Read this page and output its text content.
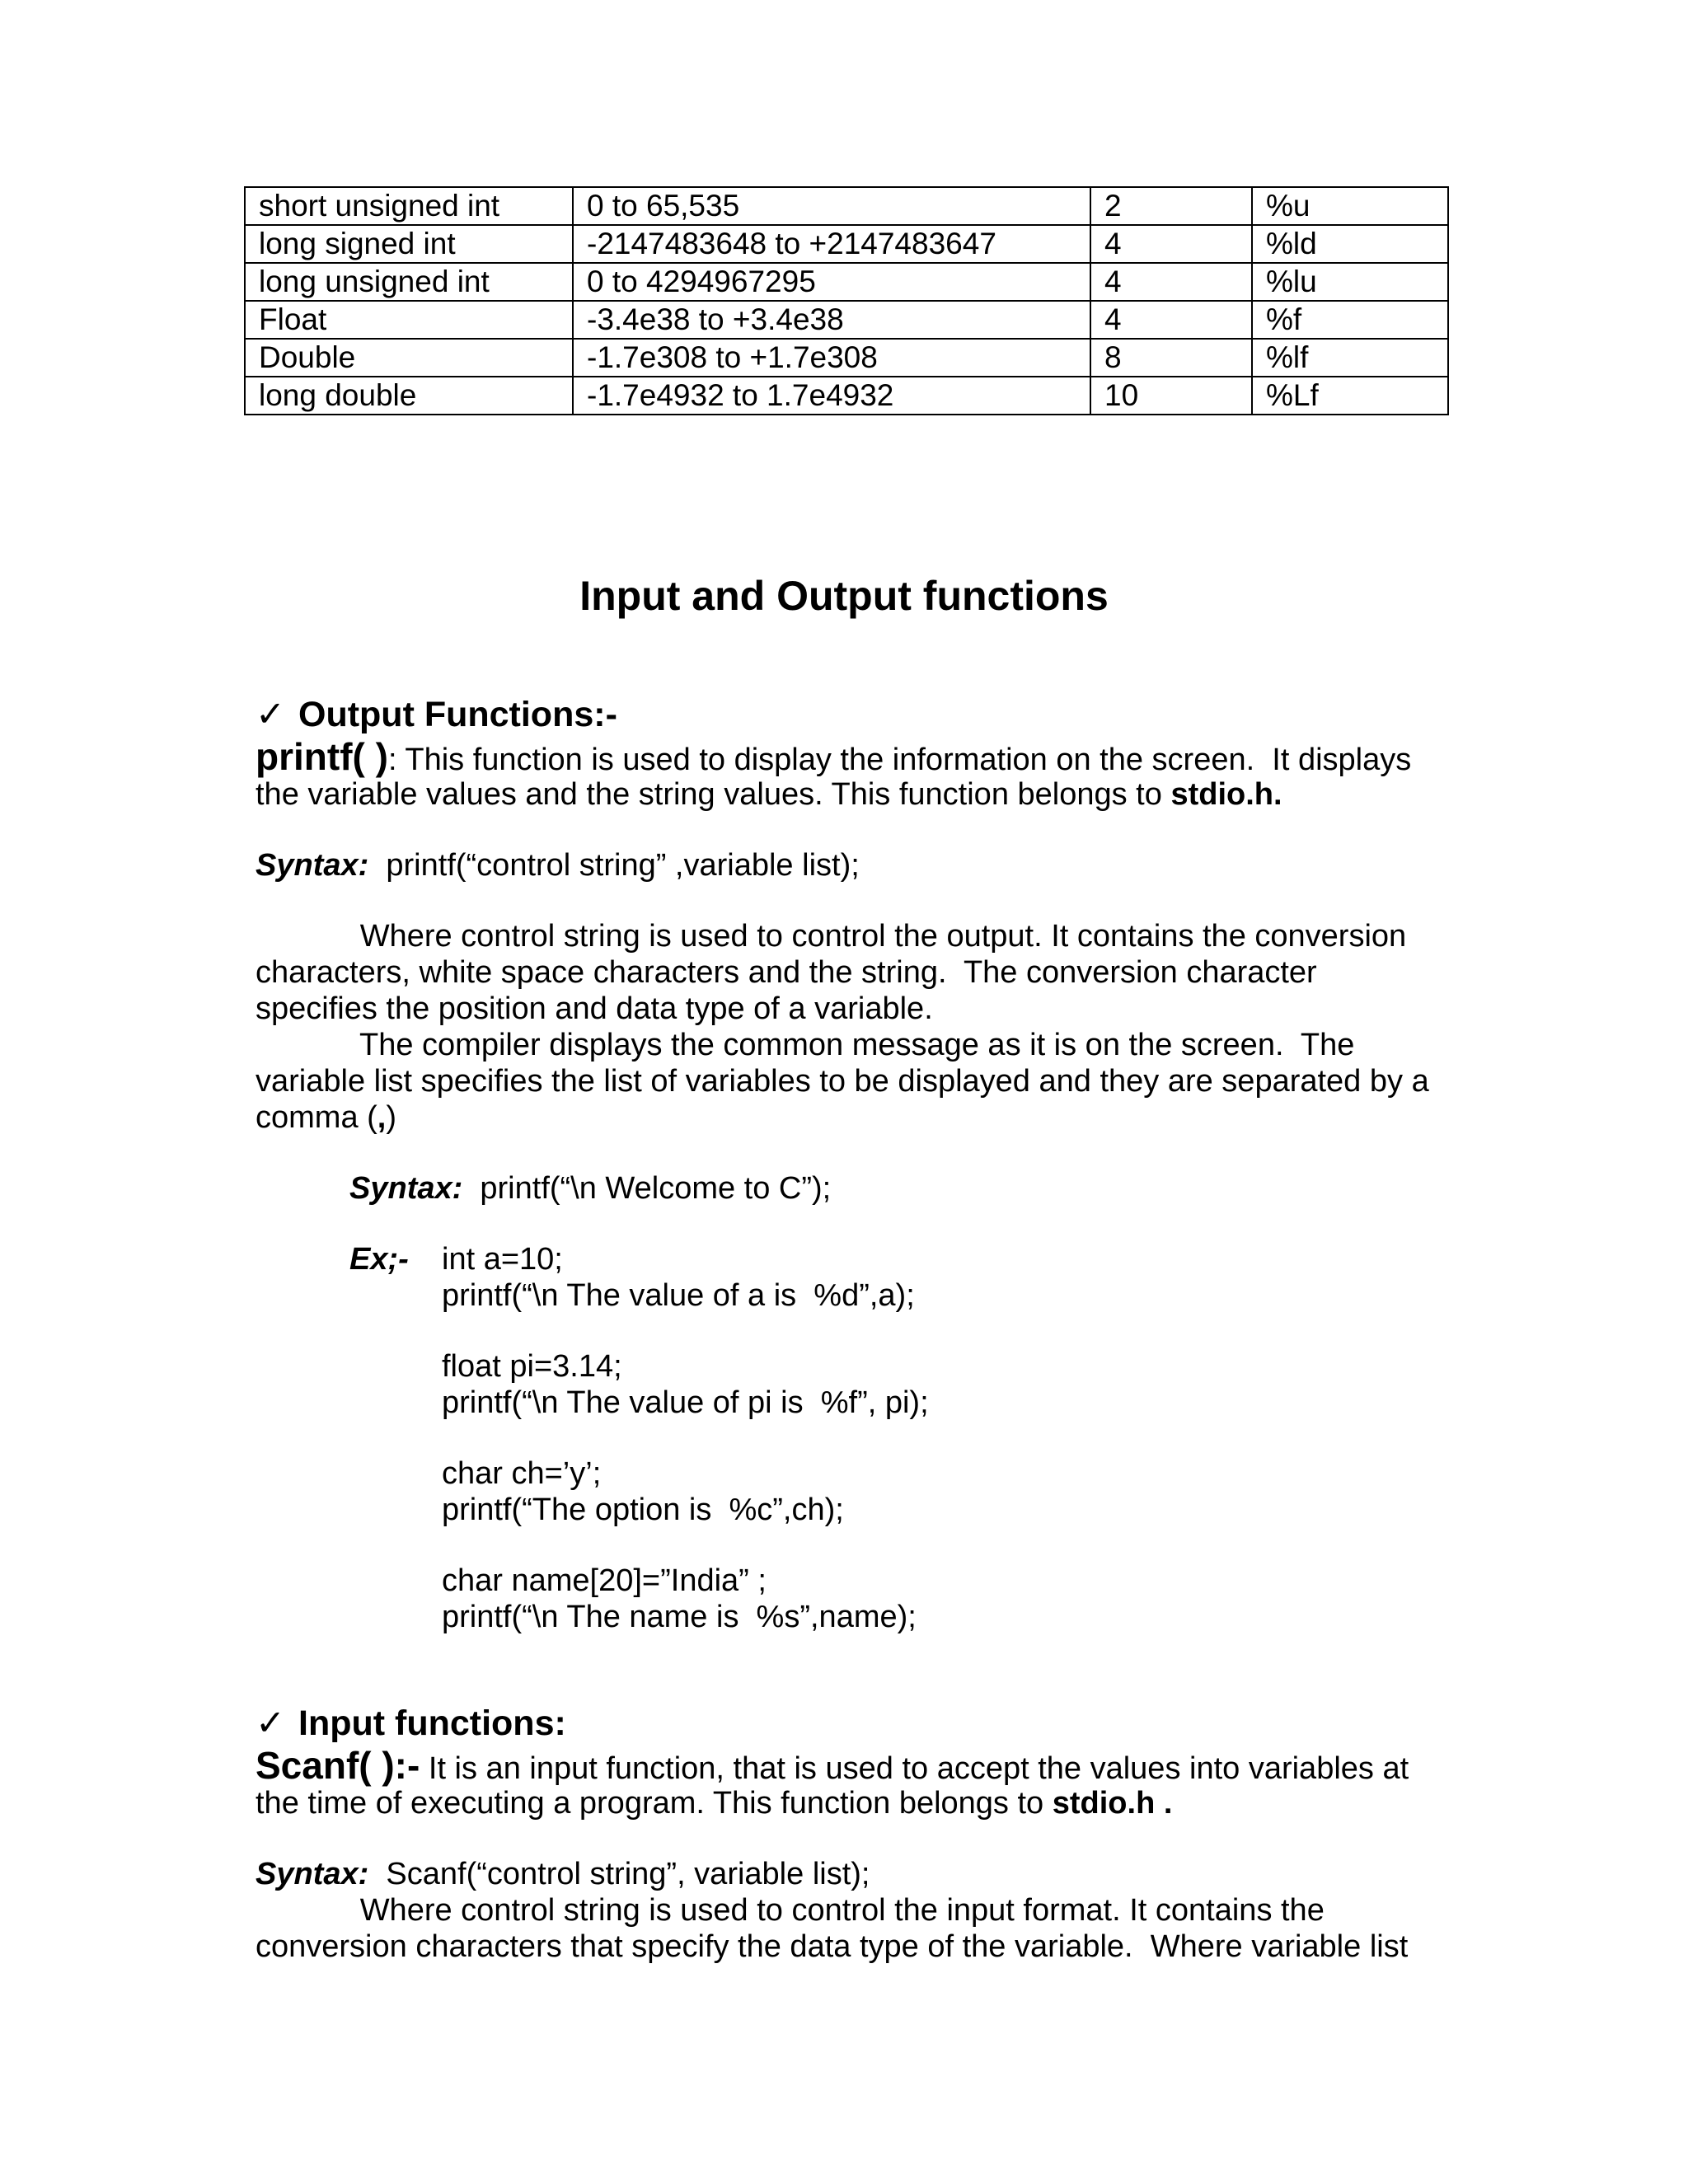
short unsigned int	0 to 65,535	2	%u
long signed int	-2147483648 to +2147483647	4	%ld
long unsigned int	0 to 4294967295	4	%lu
Float	-3.4e38 to +3.4e38	4	%f
Double	-1.7e308 to +1.7e308	8	%lf
long double	-1.7e4932 to 1.7e4932	10	%Lf
Input and Output functions
✓ Output Functions:-
printf( ): This function is used to display the information on the screen.  It displays
the variable values and the string values. This function belongs to stdio.h.
Syntax:  printf(“control string” ,variable list);
Where control string is used to control the output. It contains the conversion
characters, white space characters and the string.  The conversion character
specifies the position and data type of a variable.
The compiler displays the common message as it is on the screen.  The
variable list specifies the list of variables to be displayed and they are separated by a
comma (,)
Syntax:  printf(“\n Welcome to C”);
Ex;- int a=10;
printf(“\n The value of a is  %d”,a);
float pi=3.14;
printf(“\n The value of pi is  %f”, pi);
char ch=’y’;
printf(“The option is  %c”,ch);
char name[20]=”India” ;
printf(“\n The name is  %s”,name);
✓ Input functions:
Scanf( ):- It is an input function, that is used to accept the values into variables at
the time of executing a program. This function belongs to stdio.h .
Syntax:  Scanf(“control string”, variable list);
Where control string is used to control the input format. It contains the
conversion characters that specify the data type of the variable.  Where variable list
